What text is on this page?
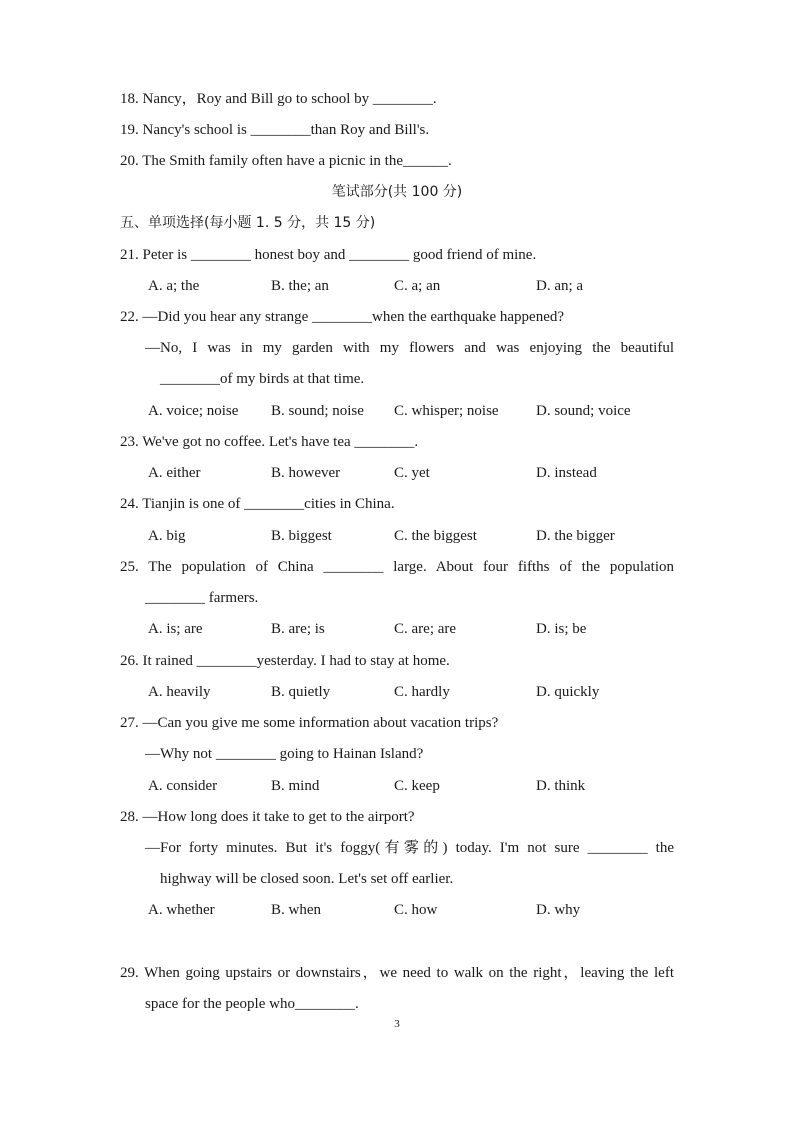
18. Nancy，Roy and Bill go to school by ________.
19. Nancy's school is ________than Roy and Bill's.
20. The Smith family often have a picnic in the______.
笔试部分(共 100 分)
五、单项选择(每小题 1. 5 分，共 15 分)
21. Peter is ________ honest boy and ________ good friend of mine.
A. a; the	B. the; an	C. a; an	D. an; a
22. —Did you hear any strange ________when the earthquake happened?
—No, I was in my garden with my flowers and was enjoying the beautiful
________of my birds at that time.
A. voice; noise B. sound; noise C. whisper; noise D. sound; voice
23. We've got no coffee. Let's have tea ________.
A. either	B. however	C. yet	D. instead
24. Tianjin is one of ________cities in China.
A. big	B. biggest	C. the biggest	D. the bigger
25. The population of China ________ large. About four fifths of the population
________ farmers.
A. is; are	B. are; is	C. are; are	D. is; be
26. It rained ________yesterday. I had to stay at home.
A. heavily	B. quietly	C. hardly	D. quickly
27. —Can you give me some information about vacation trips?
—Why not ________ going to Hainan Island?
A. consider	B. mind	C. keep	D. think
28. —How long does it take to get to the airport?
—For forty minutes. But it's foggy(有雾的) today. I'm not sure ________ the
highway will be closed soon. Let's set off earlier.
A. whether	B. when	C. how	D. why
29. When going upstairs or downstairs，we need to walk on the right，leaving the left
space for the people who________.
3
